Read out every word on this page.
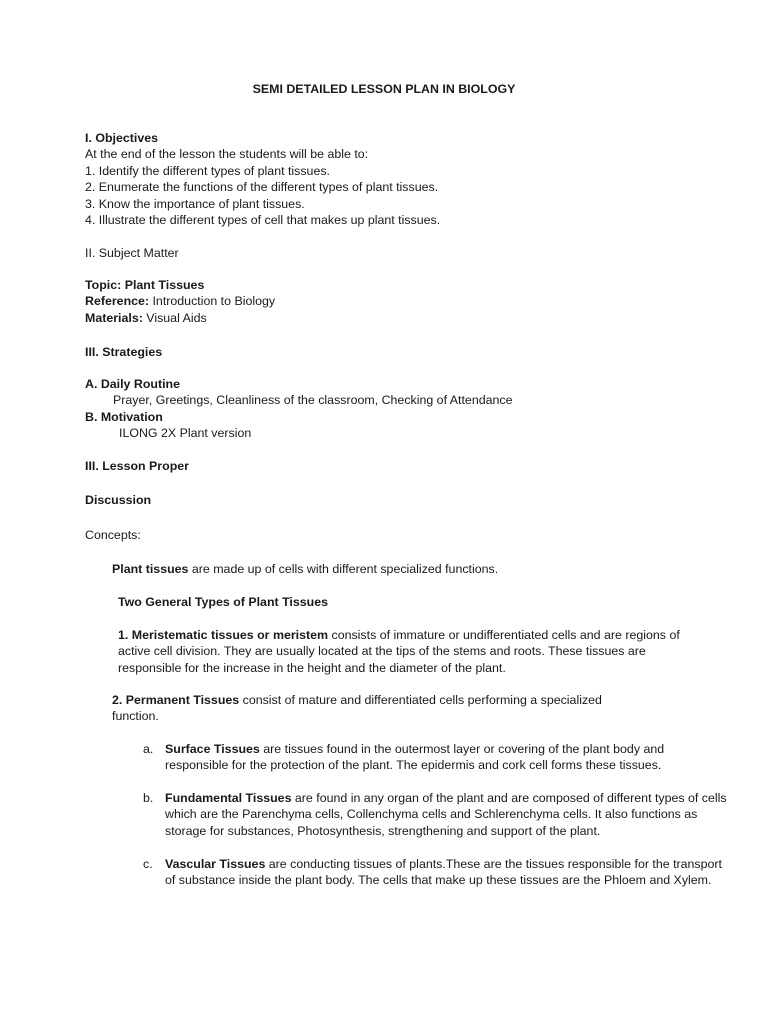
SEMI DETAILED LESSON PLAN IN BIOLOGY
I. Objectives
At the end of the lesson the students will be able to:
1. Identify the different types of plant tissues.
2. Enumerate the functions of the different types of plant tissues.
3. Know the importance of plant tissues.
4. Illustrate the different types of cell that makes up plant tissues.
II. Subject Matter
Topic: Plant Tissues
Reference: Introduction to Biology
Materials: Visual Aids
III. Strategies
A. Daily Routine
Prayer, Greetings, Cleanliness of the classroom, Checking of Attendance
B. Motivation
ILONG 2X Plant version
III. Lesson Proper
Discussion
Concepts:
Plant tissues are made up of cells with different specialized functions.
Two General Types of Plant Tissues
1. Meristematic tissues or meristem consists of immature or undifferentiated cells and are regions of active cell division. They are usually located at the tips of the stems and roots. These tissues are responsible for the increase in the height and the diameter of the plant.
2. Permanent Tissues consist of mature and differentiated cells performing a specialized function.
a. Surface Tissues are tissues found in the outermost layer or covering of the plant body and responsible for the protection of the plant. The epidermis and cork cell forms these tissues.
b. Fundamental Tissues are found in any organ of the plant and are composed of different types of cells which are the Parenchyma cells, Collenchyma cells and Schlerenchyma cells. It also functions as storage for substances, Photosynthesis, strengthening and support of the plant.
c. Vascular Tissues are conducting tissues of plants.These are the tissues responsible for the transport of substance inside the plant body. The cells that make up these tissues are the Phloem and Xylem.
